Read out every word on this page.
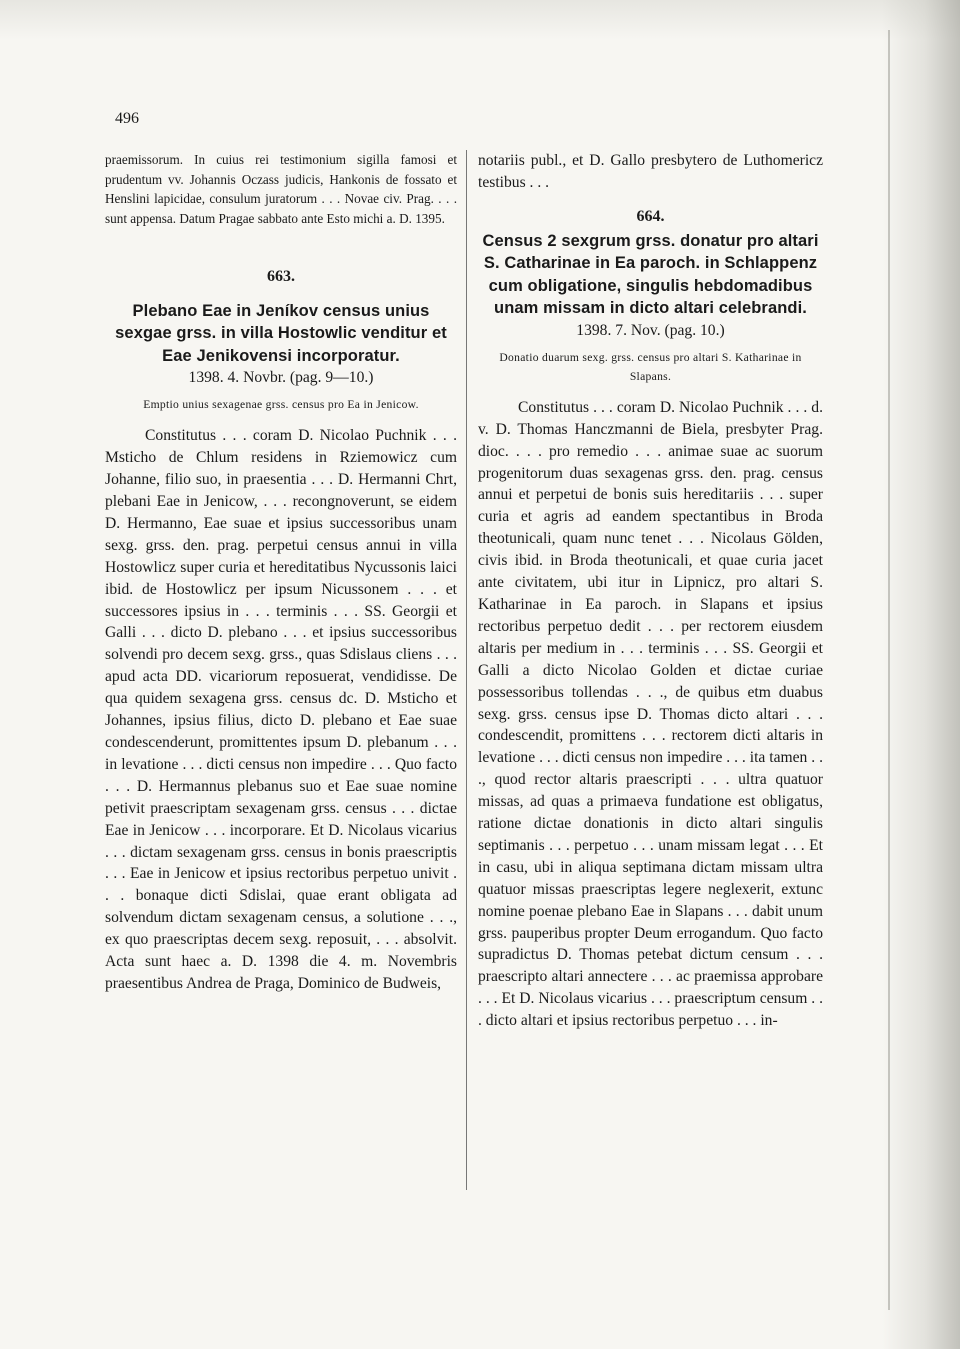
496

praemissorum. In cuius rei testimonium sigilla famosi et prudentum vv. Johannis Oczass judicis, Hankonis de fossato et Henslini lapicidae, consulum juratorum . . . Novae civ. Prag. . . . sunt appensa. Datum Pragae sabbato ante Esto michi a. D. 1395.

663.

Plebano Eae in Jeníkov census unius sexgae grss. in villa Hostowlic venditur et Eae Jenikovensi incorporatur.

1398. 4. Novbr. (pag. 9—10.)

Emptio unius sexagenae grss. census pro Ea in Jenicow.

Constitutus . . . coram D. Nicolao Puchnik . . . Msticho de Chlum residens in Rziemowicz cum Johanne, filio suo, in praesentia . . . D. Hermanni Chrt, plebani Eae in Jenicow, . . . recongnoverunt, se eidem D. Hermanno, Eae suae et ipsius successoribus unam sexg. grss. den. prag. perpetui census annui in villa Hostowlicz super curia et hereditatibus Nycussonis laici ibid. de Hostowlicz per ipsum Nicussonem . . . et successores ipsius in . . . terminis . . . SS. Georgii et Galli . . . dicto D. plebano . . . et ipsius successoribus solvendi pro decem sexg. grss., quas Sdislaus cliens . . . apud acta DD. vicariorum reposuerat, vendidisse. De qua quidem sexagena grss. census dc. D. Msticho et Johannes, ipsius filius, dicto D. plebano et Eae suae condescenderunt, promittentes ipsum D. plebanum . . . in levatione . . . dicti census non impedire . . . Quo facto . . . D. Hermannus plebanus suo et Eae suae nomine petivit praescriptam sexagenam grss. census . . . dictae Eae in Jenicow . . . incorporare. Et D. Nicolaus vicarius . . . dictam sexagenam grss. census in bonis praescriptis . . . Eae in Jenicow et ipsius rectoribus perpetuo univit . . . bonaque dicti Sdislai, quae erant obligata ad solvendum dictam sexagenam census, a solutione . . ., ex quo praescriptas decem sexg. reposuit, . . . absolvit. Acta sunt haec a. D. 1398 die 4. m. Novembris praesentibus Andrea de Praga, Dominico de Budweis,

notariis publ., et D. Gallo presbytero de Luthomericz testibus . . .

664.

Census 2 sexgrum grss. donatur pro altari S. Catharinae in Ea paroch. in Schlappenz cum obligatione, singulis hebdomadibus unam missam in dicto altari celebrandi.

1398. 7. Nov. (pag. 10.)

Donatio duarum sexg. grss. census pro altari S. Katharinae in Slapans.

Constitutus . . . coram D. Nicolao Puchnik . . . d. v. D. Thomas Hanczmanni de Biela, presbyter Prag. dioc. . . . pro remedio . . . animae suae ac suorum progenitorum duas sexagenas grss. den. prag. census annui et perpetui de bonis suis hereditariis . . . super curia et agris ad eandem spectantibus in Broda theotunicali, quam nunc tenet . . . Nicolaus Gölden, civis ibid. in Broda theotunicali, et quae curia jacet ante civitatem, ubi itur in Lipnicz, pro altari S. Katharinae in Ea paroch. in Slapans et ipsius rectoribus perpetuo dedit . . . per rectorem eiusdem altaris per medium in . . . terminis . . . SS. Georgii et Galli a dicto Nicolao Golden et dictae curiae possessoribus tollendas . . ., de quibus etm duabus sexg. grss. census ipse D. Thomas dicto altari . . . condescendit, promittens . . . rectorem dicti altaris in levatione . . . dicti census non impedire . . . ita tamen . . ., quod rector altaris praescripti . . . ultra quatuor missas, ad quas a primaeva fundatione est obligatus, ratione dictae donationis in dicto altari singulis septimanis . . . perpetuo . . . unam missam legat . . . Et in casu, ubi in aliqua septimana dictam missam ultra quatuor missas praescriptas legere neglexerit, extunc nomine poenae plebano Eae in Slapans . . . dabit unum grss. pauperibus propter Deum errogandum. Quo facto supradictus D. Thomas petebat dictum censum . . . praescripto altari annectere . . . ac praemissa approbare . . . Et D. Nicolaus vicarius . . . praescriptum censum . . . dicto altari et ipsius rectoribus perpetuo . . . in-
